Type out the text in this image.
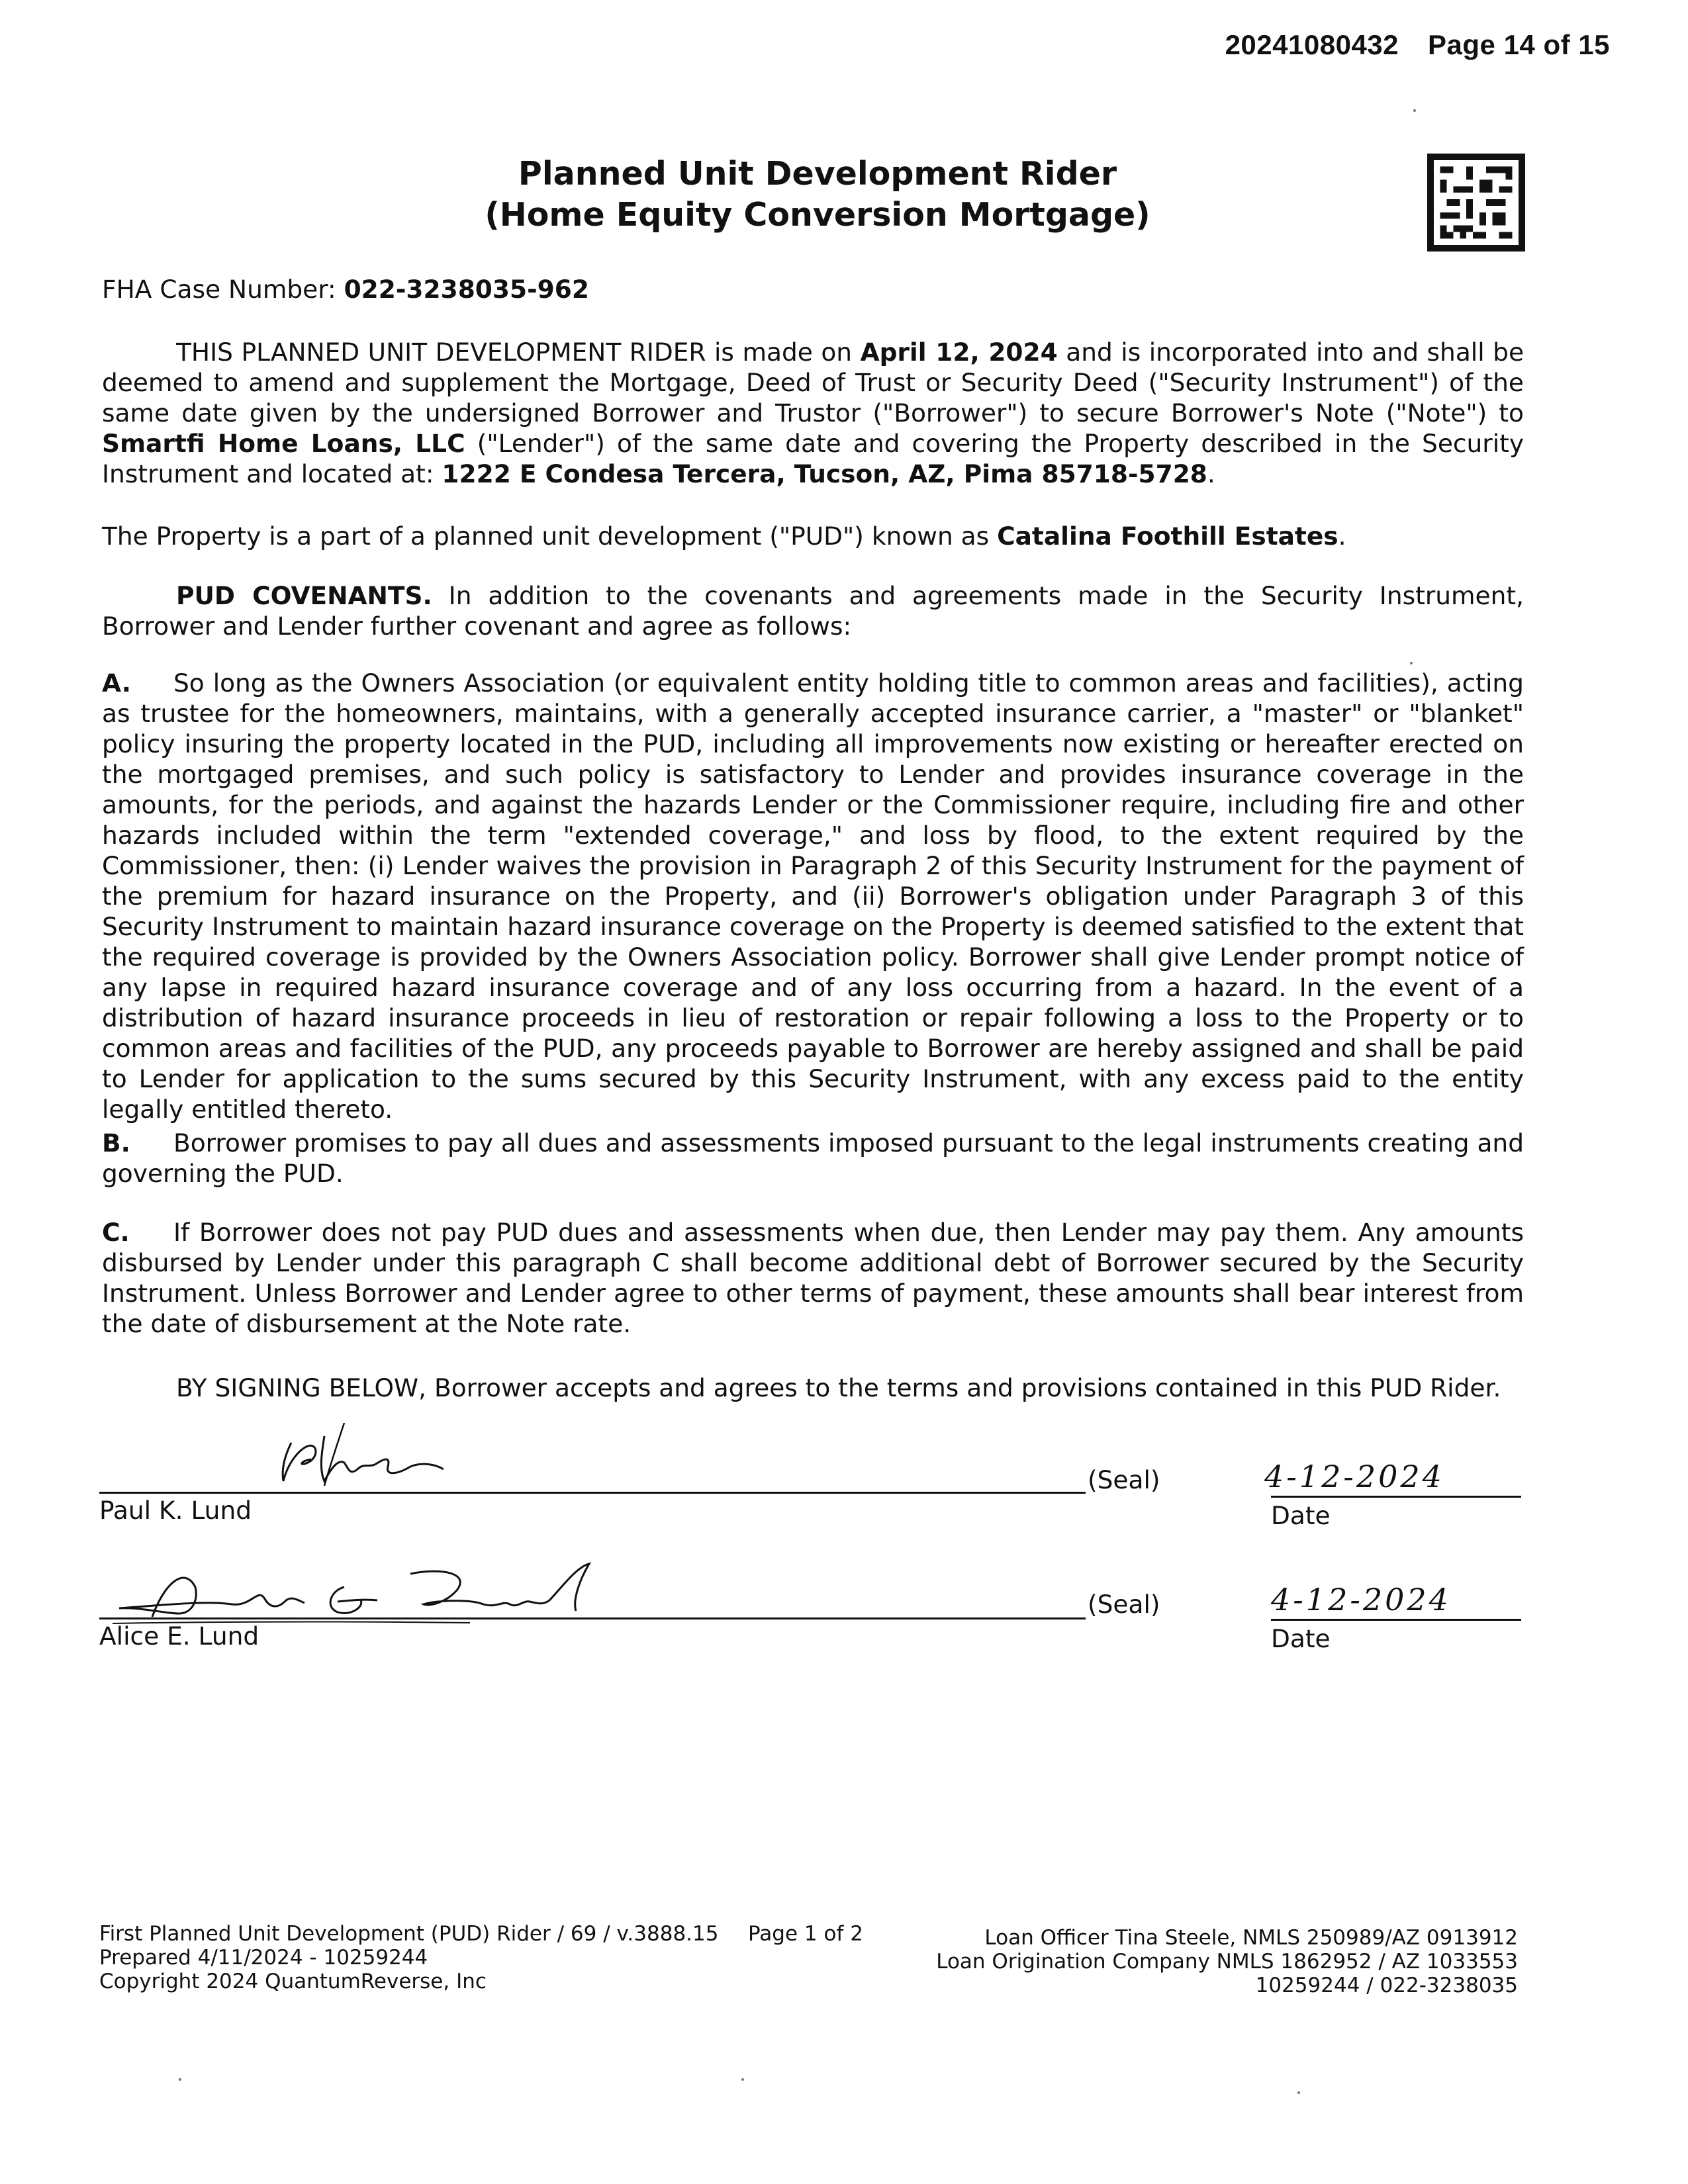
20241080432 Page 14 of 15
Planned Unit Development Rider
(Home Equity Conversion Mortgage)
FHA Case Number: 022-3238035-962
THIS PLANNED UNIT DEVELOPMENT RIDER is made on April 12, 2024 and is incorporated into and shall be deemed to amend and supplement the Mortgage, Deed of Trust or Security Deed ("Security Instrument") of the same date given by the undersigned Borrower and Trustor ("Borrower") to secure Borrower's Note ("Note") to Smartfi Home Loans, LLC ("Lender") of the same date and covering the Property described in the Security Instrument and located at: 1222 E Condesa Tercera, Tucson, AZ, Pima 85718-5728.
The Property is a part of a planned unit development ("PUD") known as Catalina Foothill Estates.
PUD COVENANTS. In addition to the covenants and agreements made in the Security Instrument, Borrower and Lender further covenant and agree as follows:
A. So long as the Owners Association (or equivalent entity holding title to common areas and facilities), acting as trustee for the homeowners, maintains, with a generally accepted insurance carrier, a "master" or "blanket" policy insuring the property located in the PUD, including all improvements now existing or hereafter erected on the mortgaged premises, and such policy is satisfactory to Lender and provides insurance coverage in the amounts, for the periods, and against the hazards Lender or the Commissioner require, including fire and other hazards included within the term "extended coverage," and loss by flood, to the extent required by the Commissioner, then: (i) Lender waives the provision in Paragraph 2 of this Security Instrument for the payment of the premium for hazard insurance on the Property, and (ii) Borrower's obligation under Paragraph 3 of this Security Instrument to maintain hazard insurance coverage on the Property is deemed satisfied to the extent that the required coverage is provided by the Owners Association policy. Borrower shall give Lender prompt notice of any lapse in required hazard insurance coverage and of any loss occurring from a hazard. In the event of a distribution of hazard insurance proceeds in lieu of restoration or repair following a loss to the Property or to common areas and facilities of the PUD, any proceeds payable to Borrower are hereby assigned and shall be paid to Lender for application to the sums secured by this Security Instrument, with any excess paid to the entity legally entitled thereto.
B. Borrower promises to pay all dues and assessments imposed pursuant to the legal instruments creating and governing the PUD.
C. If Borrower does not pay PUD dues and assessments when due, then Lender may pay them. Any amounts disbursed by Lender under this paragraph C shall become additional debt of Borrower secured by the Security Instrument. Unless Borrower and Lender agree to other terms of payment, these amounts shall bear interest from the date of disbursement at the Note rate.
BY SIGNING BELOW, Borrower accepts and agrees to the terms and provisions contained in this PUD Rider.
(Seal)
Paul K. Lund
4-12-2024
Date
(Seal)
Alice E. Lund
4-12-2024
Date
First Planned Unit Development (PUD) Rider / 69 / v.3888.15
Prepared 4/11/2024 - 10259244
Copyright 2024 QuantumReverse, Inc
Page 1 of 2	Loan Officer Tina Steele, NMLS 250989/AZ 0913912
Loan Origination Company NMLS 1862952 / AZ 1033553
10259244 / 022-3238035
